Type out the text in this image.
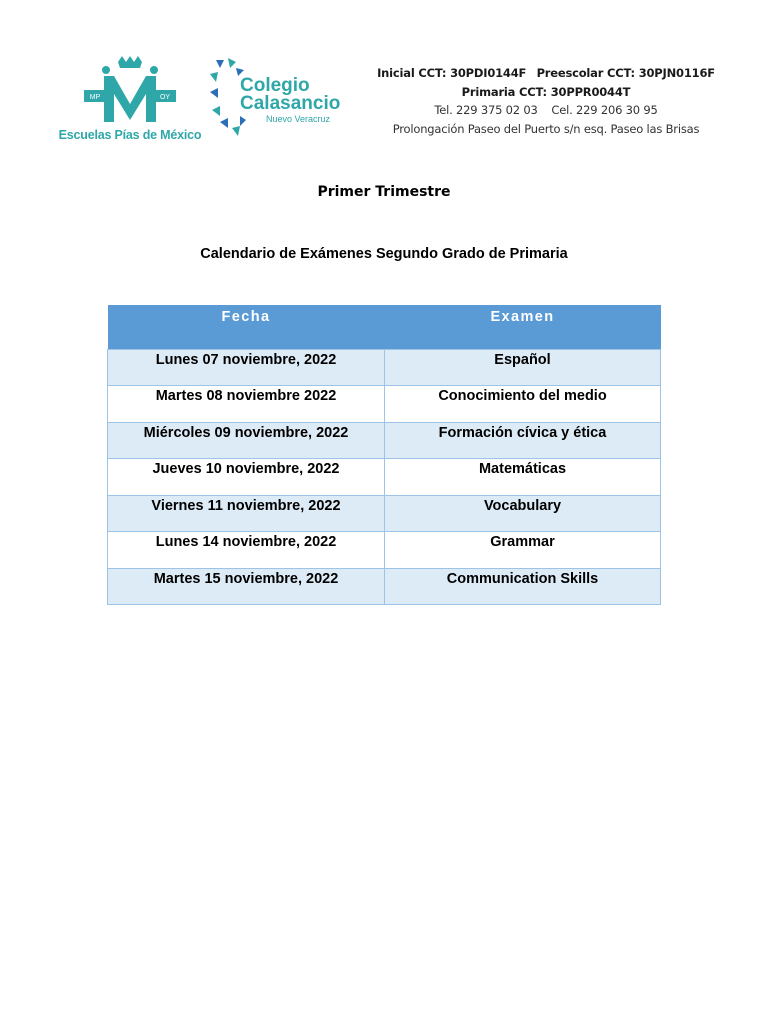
MP	OY
Escuelas Pías de México
Colegio
Calasancio
Nuevo Veracruz
Inicial CCT: 30PDI0144F Preescolar CCT: 30PJN0116F
Primaria CCT: 30PPR0044T
Tel. 229 375 02 03 Cel. 229 206 30 95
Prolongación Paseo del Puerto s/n esq. Paseo las Brisas
Primer Trimestre
Calendario de Exámenes Segundo Grado de Primaria
Fecha	Examen
Lunes 07 noviembre, 2022	Español
Martes 08 noviembre 2022	Conocimiento del medio
Miércoles 09 noviembre, 2022	Formación cívica y ética
Jueves 10 noviembre, 2022	Matemáticas
Viernes 11 noviembre, 2022	Vocabulary
Lunes 14 noviembre, 2022	Grammar
Martes 15 noviembre, 2022	Communication Skills
